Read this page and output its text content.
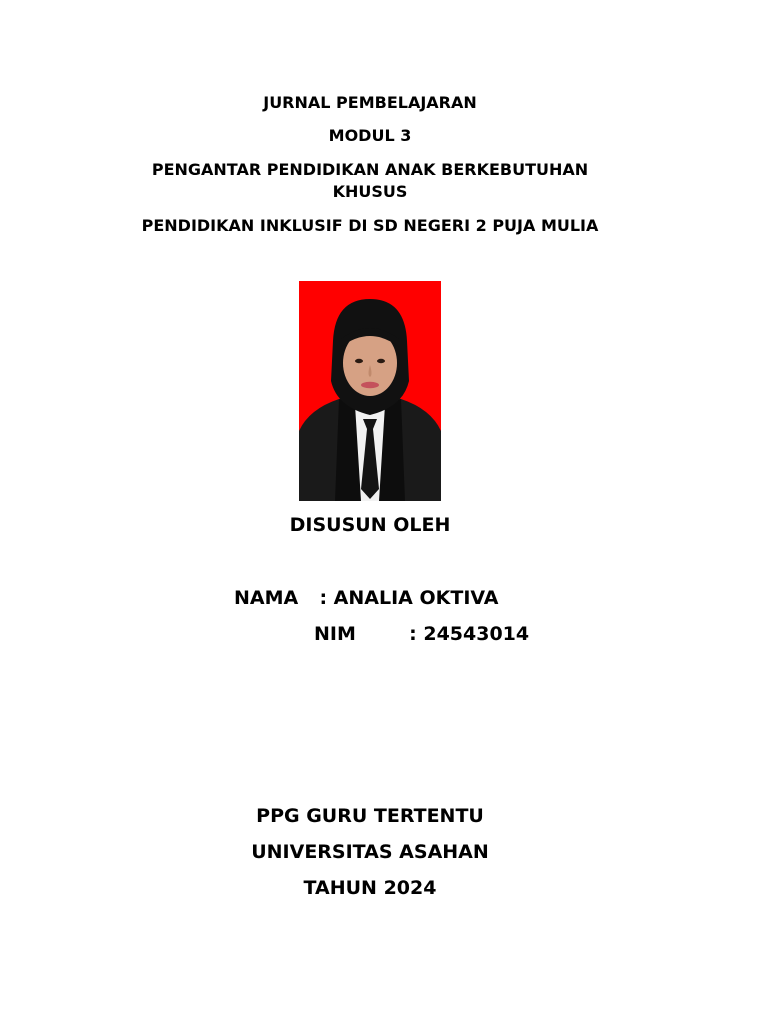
JURNAL PEMBELAJARAN
MODUL 3
PENGANTAR PENDIDIKAN ANAK BERKEBUTUHAN
KHUSUS
PENDIDIKAN INKLUSIF DI SD NEGERI 2 PUJA MULIA
DISUSUN OLEH
NAMA : ANALIA OKTIVA
NIM	: 24543014
PPG GURU TERTENTU
UNIVERSITAS ASAHAN
TAHUN 2024
